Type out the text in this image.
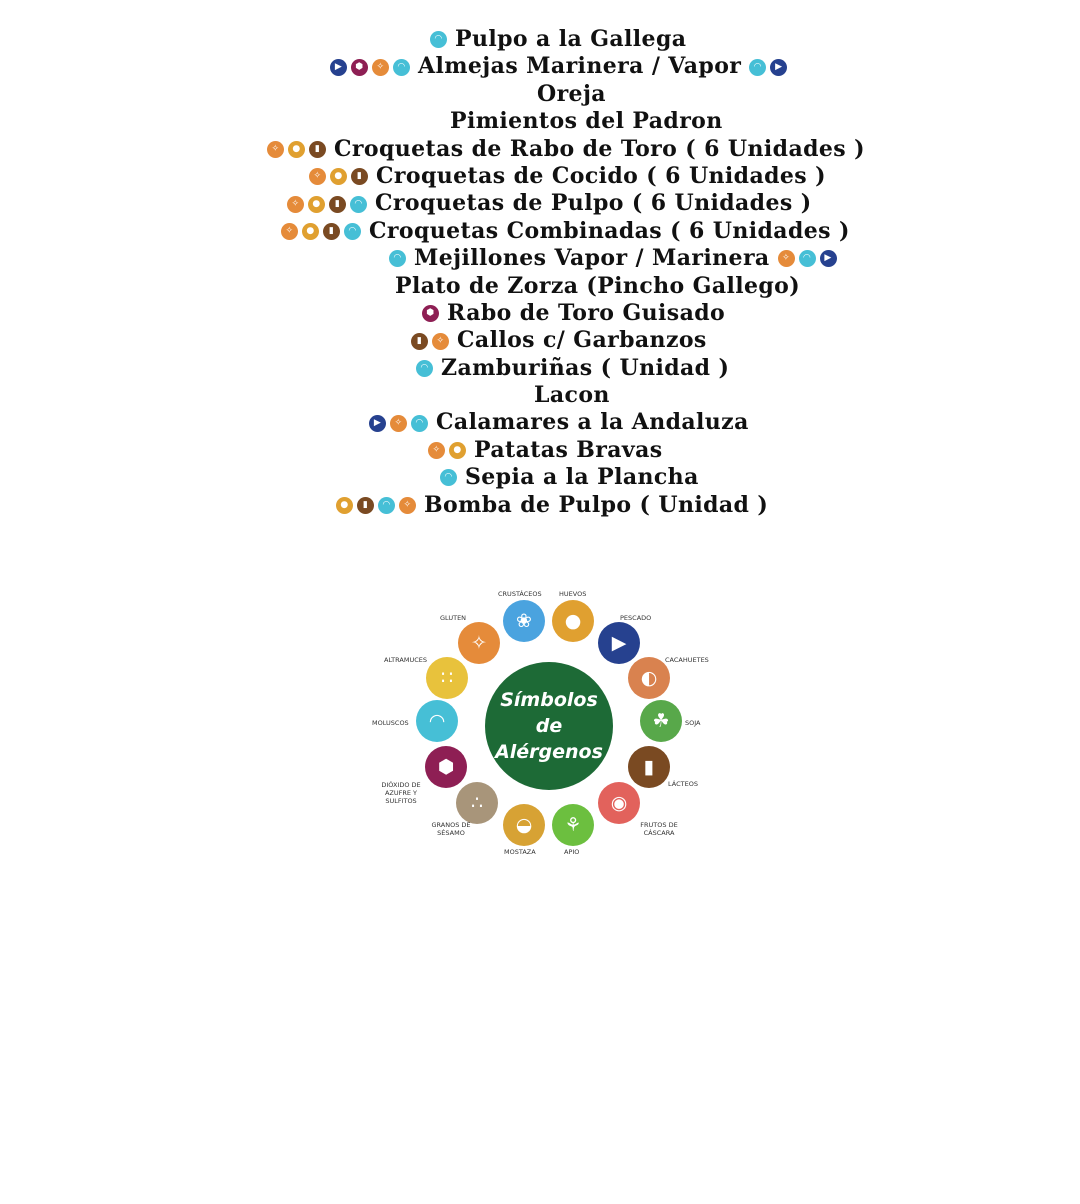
◠ Pulpo a la Gallega
▶	⬢	✧	◠ Almejas Marinera / Vapor	◠	▶
Oreja
Pimientos del Padron
✧	●	▮ Croquetas de Rabo de Toro ( 6 Unidades )
✧	●	▮ Croquetas de Cocido ( 6 Unidades )
✧	●	▮	◠ Croquetas de Pulpo ( 6 Unidades )
✧	●	▮	◠ Croquetas Combinadas ( 6 Unidades )
◠ Mejillones Vapor / Marinera	✧	◠	▶
Plato de Zorza (Pincho Gallego)
⬢ Rabo de Toro Guisado
▮	✧ Callos c/ Garbanzos
◠ Zamburiñas ( Unidad )
Lacon
▶	✧	◠ Calamares a la Andaluza
✧	● Patatas Bravas
◠ Sepia a la Plancha
●	▮	◠	✧ Bomba de Pulpo ( Unidad )
Símbolos
de
Alérgenos
❀
CRUSTÁCEOS
●
HUEVOS
▶
PESCADO
◐
CACAHUETES
☘	SOJA
▮
LÁCTEOS
◉
FRUTOS DE CÁSCARA
⚘
APIO
◒
MOSTAZA
∴
GRANOS DE SÉSAMO
⬢
DIÓXIDO DE AZUFRE Y SULFITOS
◠
MOLUSCOS
∷
ALTRAMUCES
✧
GLUTEN
